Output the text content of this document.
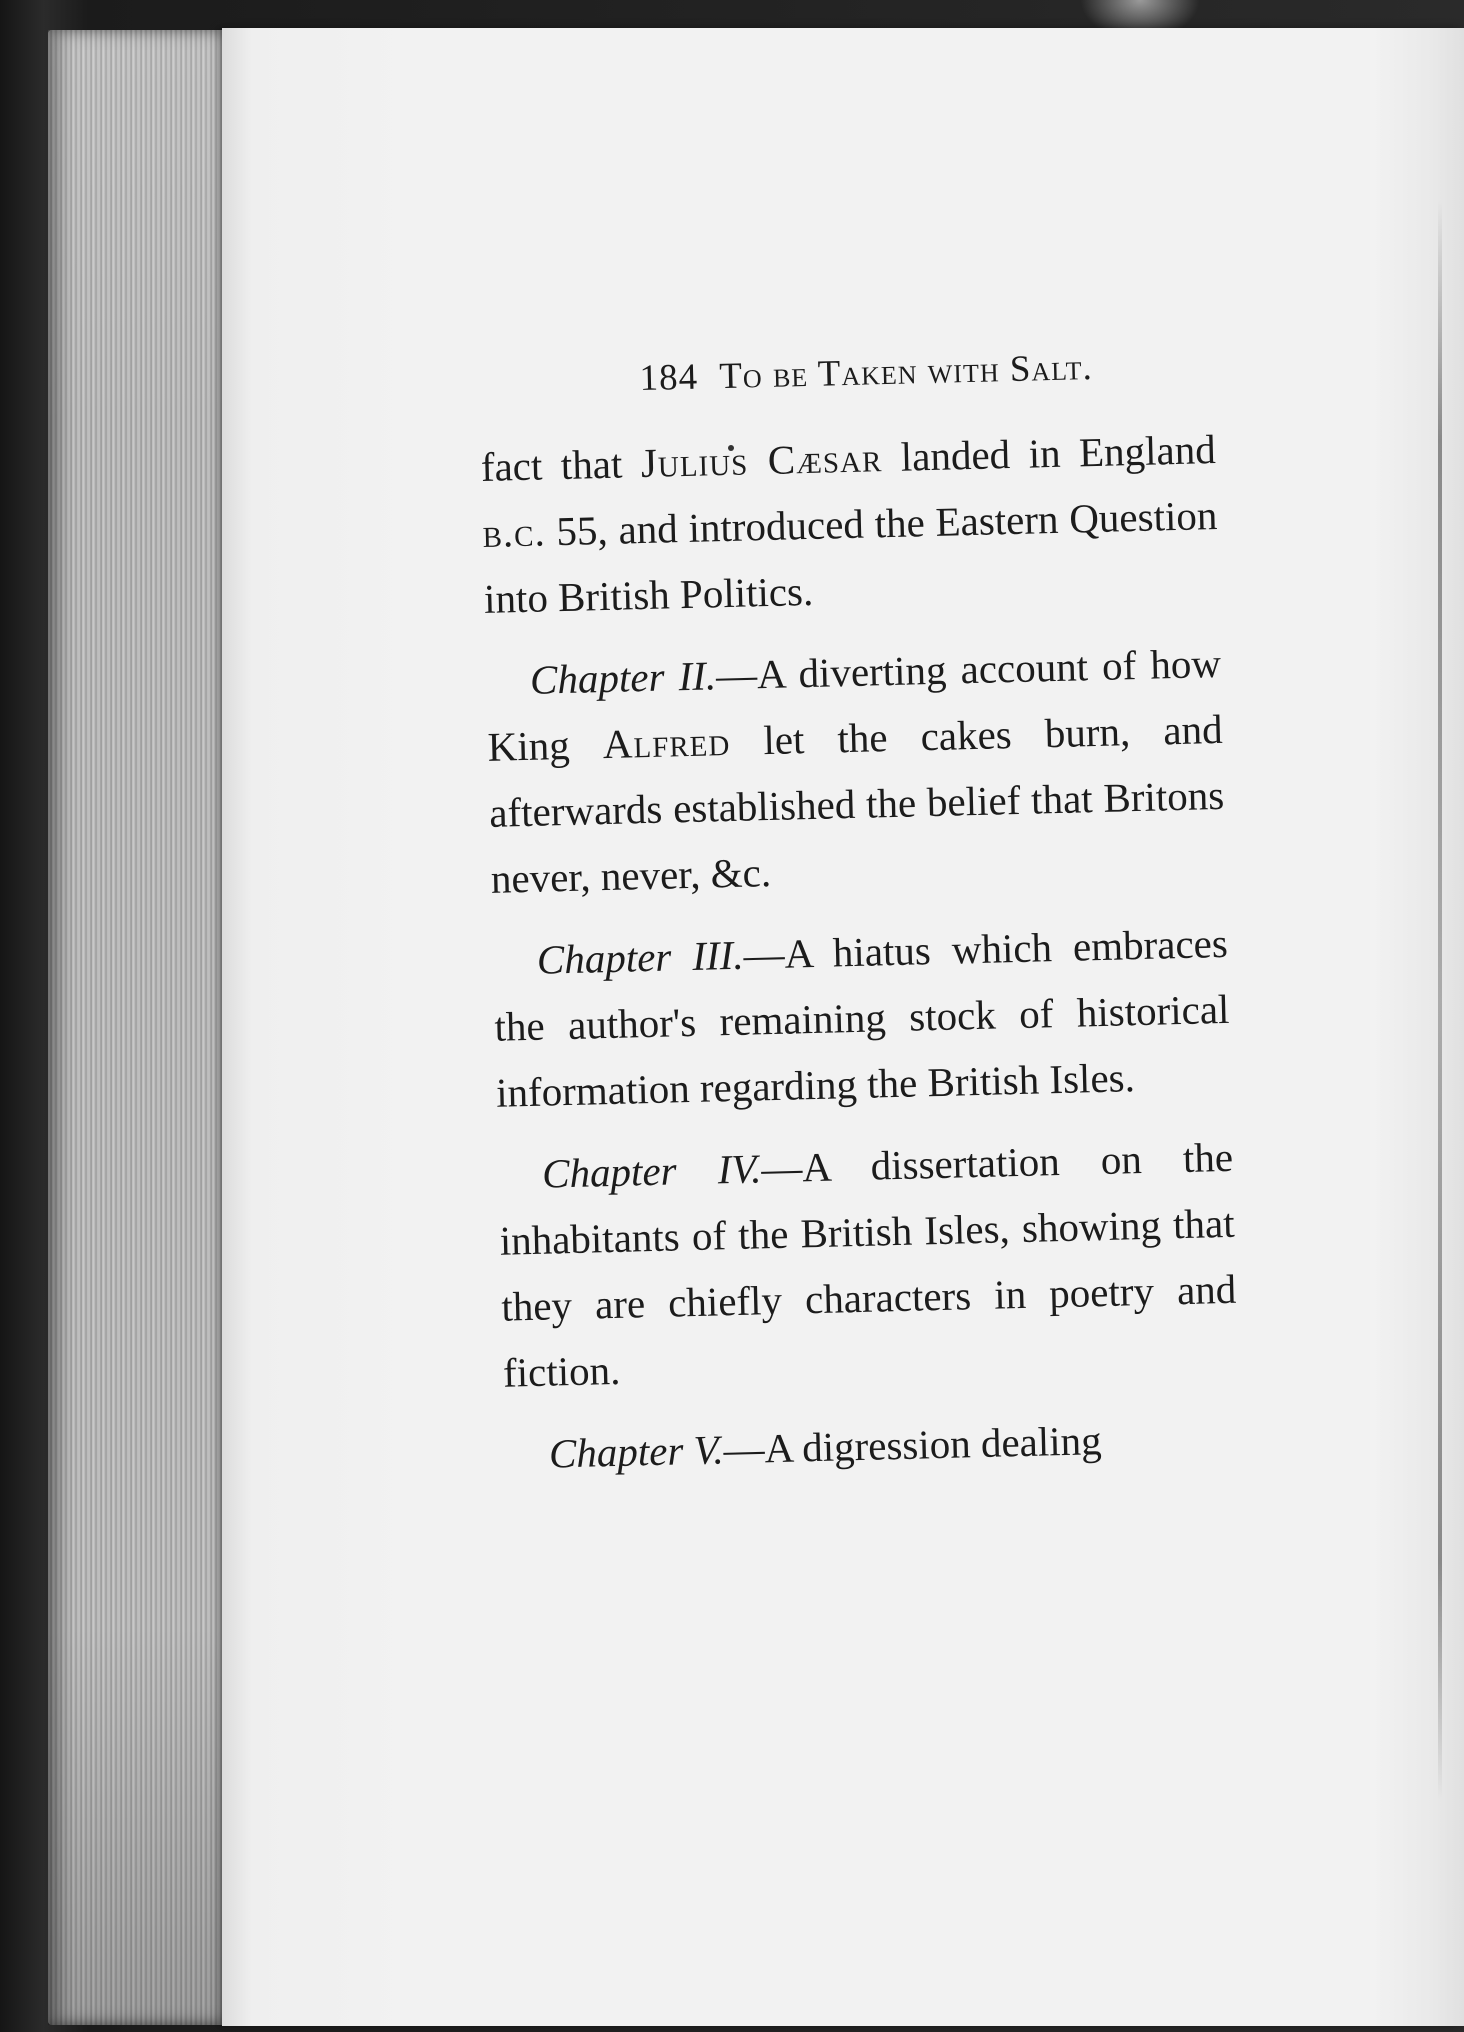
184 To be Taken with Salt.

fact that Julius Cæsar landed in England b.c. 55, and introduced the Eastern Question into British Politics.

Chapter II.—A diverting account of how King Alfred let the cakes burn, and afterwards established the belief that Britons never, never, &c.

Chapter III.—A hiatus which embraces the author's remaining stock of historical information regarding the British Isles.

Chapter IV.—A dissertation on the inhabitants of the British Isles, showing that they are chiefly characters in poetry and fiction.

Chapter V.—A digression dealing
